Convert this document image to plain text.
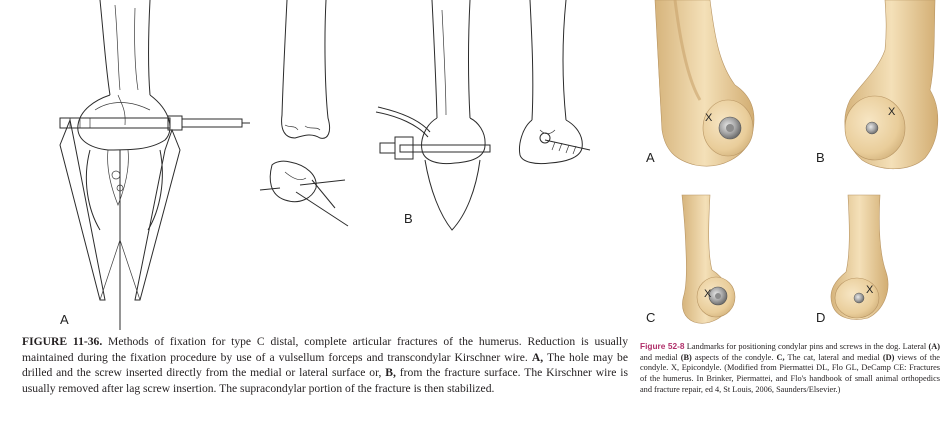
A
B
FIGURE 11-36. Methods of fixation for type C distal, complete articular fractures of the humerus. Reduction is usually maintained during the fixation procedure by use of a vulsellum forceps and transcondylar Kirschner wire. A, The hole may be drilled and the screw inserted directly from the medial or lateral surface or, B, from the fracture surface. The Kirschner wire is usually removed after lag screw insertion. The supracondylar portion of the fracture is then stabilized.
A
X
B
X
C
X
D
X
Figure 52-8 Landmarks for positioning condylar pins and screws in the dog. Lateral (A) and medial (B) aspects of the condyle. C, The cat, lateral and medial (D) views of the condyle. X, Epicondyle. (Modified from Piermattei DL, Flo GL, DeCamp CE: Fractures of the humerus. In Brinker, Piermattei, and Flo's handbook of small animal orthopedics and fracture repair, ed 4, St Louis, 2006, Saunders/Elsevier.)
